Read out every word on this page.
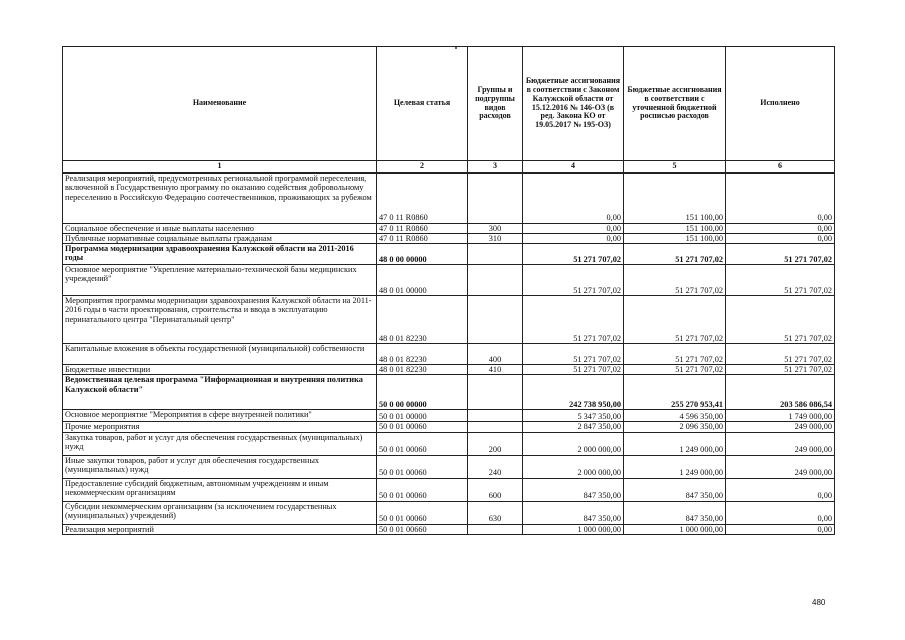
Наименование	Целевая статья	Группы и подгруппы видов расходов	Бюджетные ассигнования в соответствии с Законом Калужской области от 15.12.2016 № 146-ОЗ (в ред. Закона КО от 19.05.2017 № 195-ОЗ)	Бюджетные ассигнования в соответствии с уточненной бюджетной росписью расходов	Исполнено
1	2	3	4	5	6
Реализация мероприятий, предусмотренных региональной программой переселения, включенной в Государственную программу по оказанию содействия добровольному переселению в Российскую Федерацию соотечественников, проживающих за рубежом	47 0 11 R0860		0,00	151 100,00	0,00
Социальное обеспечение и иные выплаты населению	47 0 11 R0860	300	0,00	151 100,00	0,00
Публичные нормативные социальные выплаты гражданам	47 0 11 R0860	310	0,00	151 100,00	0,00
Программа модернизации здравоохранения Калужской области на 2011-2016 годы	48 0 00 00000		51 271 707,02	51 271 707,02	51 271 707,02
Основное мероприятие "Укрепление материально-технической базы медицинских учреждений"	48 0 01 00000		51 271 707,02	51 271 707,02	51 271 707,02
Мероприятия программы модернизации здравоохранения Калужской области на 2011-2016 годы в части проектирования, строительства и ввода в эксплуатацию перинатального центра "Перинатальный центр"	48 0 01 82230		51 271 707,02	51 271 707,02	51 271 707,02
Капитальные вложения в объекты государственной (муниципальной) собственности	48 0 01 82230	400	51 271 707,02	51 271 707,02	51 271 707,02
Бюджетные инвестиции	48 0 01 82230	410	51 271 707,02	51 271 707,02	51 271 707,02
Ведомственная целевая программа "Информационная и внутренняя политика Калужской области"	50 0 00 00000		242 738 950,00	255 270 953,41	203 586 086,54
Основное мероприятие "Мероприятия в сфере внутренней политики"	50 0 01 00000		5 347 350,00	4 596 350,00	1 749 000,00
Прочие мероприятия	50 0 01 00060		2 847 350,00	2 096 350,00	249 000,00
Закупка товаров, работ и услуг для обеспечения государственных (муниципальных) нужд	50 0 01 00060	200	2 000 000,00	1 249 000,00	249 000,00
Иные закупки товаров, работ и услуг для обеспечения государственных (муниципальных) нужд	50 0 01 00060	240	2 000 000,00	1 249 000,00	249 000,00
Предоставление субсидий бюджетным, автономным учреждениям и иным некоммерческим организациям	50 0 01 00060	600	847 350,00	847 350,00	0,00
Субсидии некоммерческим организациям (за исключением государственных (муниципальных) учреждений)	50 0 01 00060	630	847 350,00	847 350,00	0,00
Реализация мероприятий	50 0 01 00660		1 000 000,00	1 000 000,00	0,00
480
